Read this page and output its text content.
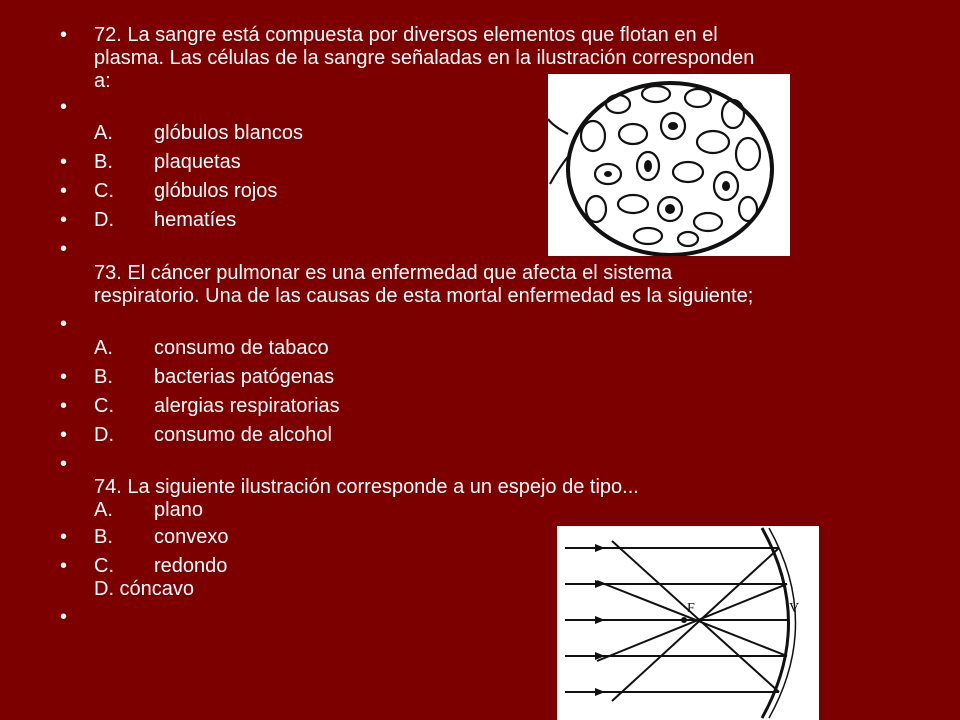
• 72. La sangre está compuesta por diversos elementos que flotan en el
plasma. Las células de la sangre señaladas en la ilustración corresponden
a:
•
A. glóbulos blancos
• B. plaquetas
• C. glóbulos rojos
• D. hematíes
•
73. El cáncer pulmonar es una enfermedad que afecta el sistema
respiratorio. Una de las causas de esta mortal enfermedad es la siguiente;
•
A. consumo de tabaco
• B. bacterias patógenas
• C. alergias respiratorias
• D. consumo de alcohol
•
74. La siguiente ilustración corresponde a un espejo de tipo...
A. plano
• B. convexo
• C. redondo
D. cóncavo
•	F	V
